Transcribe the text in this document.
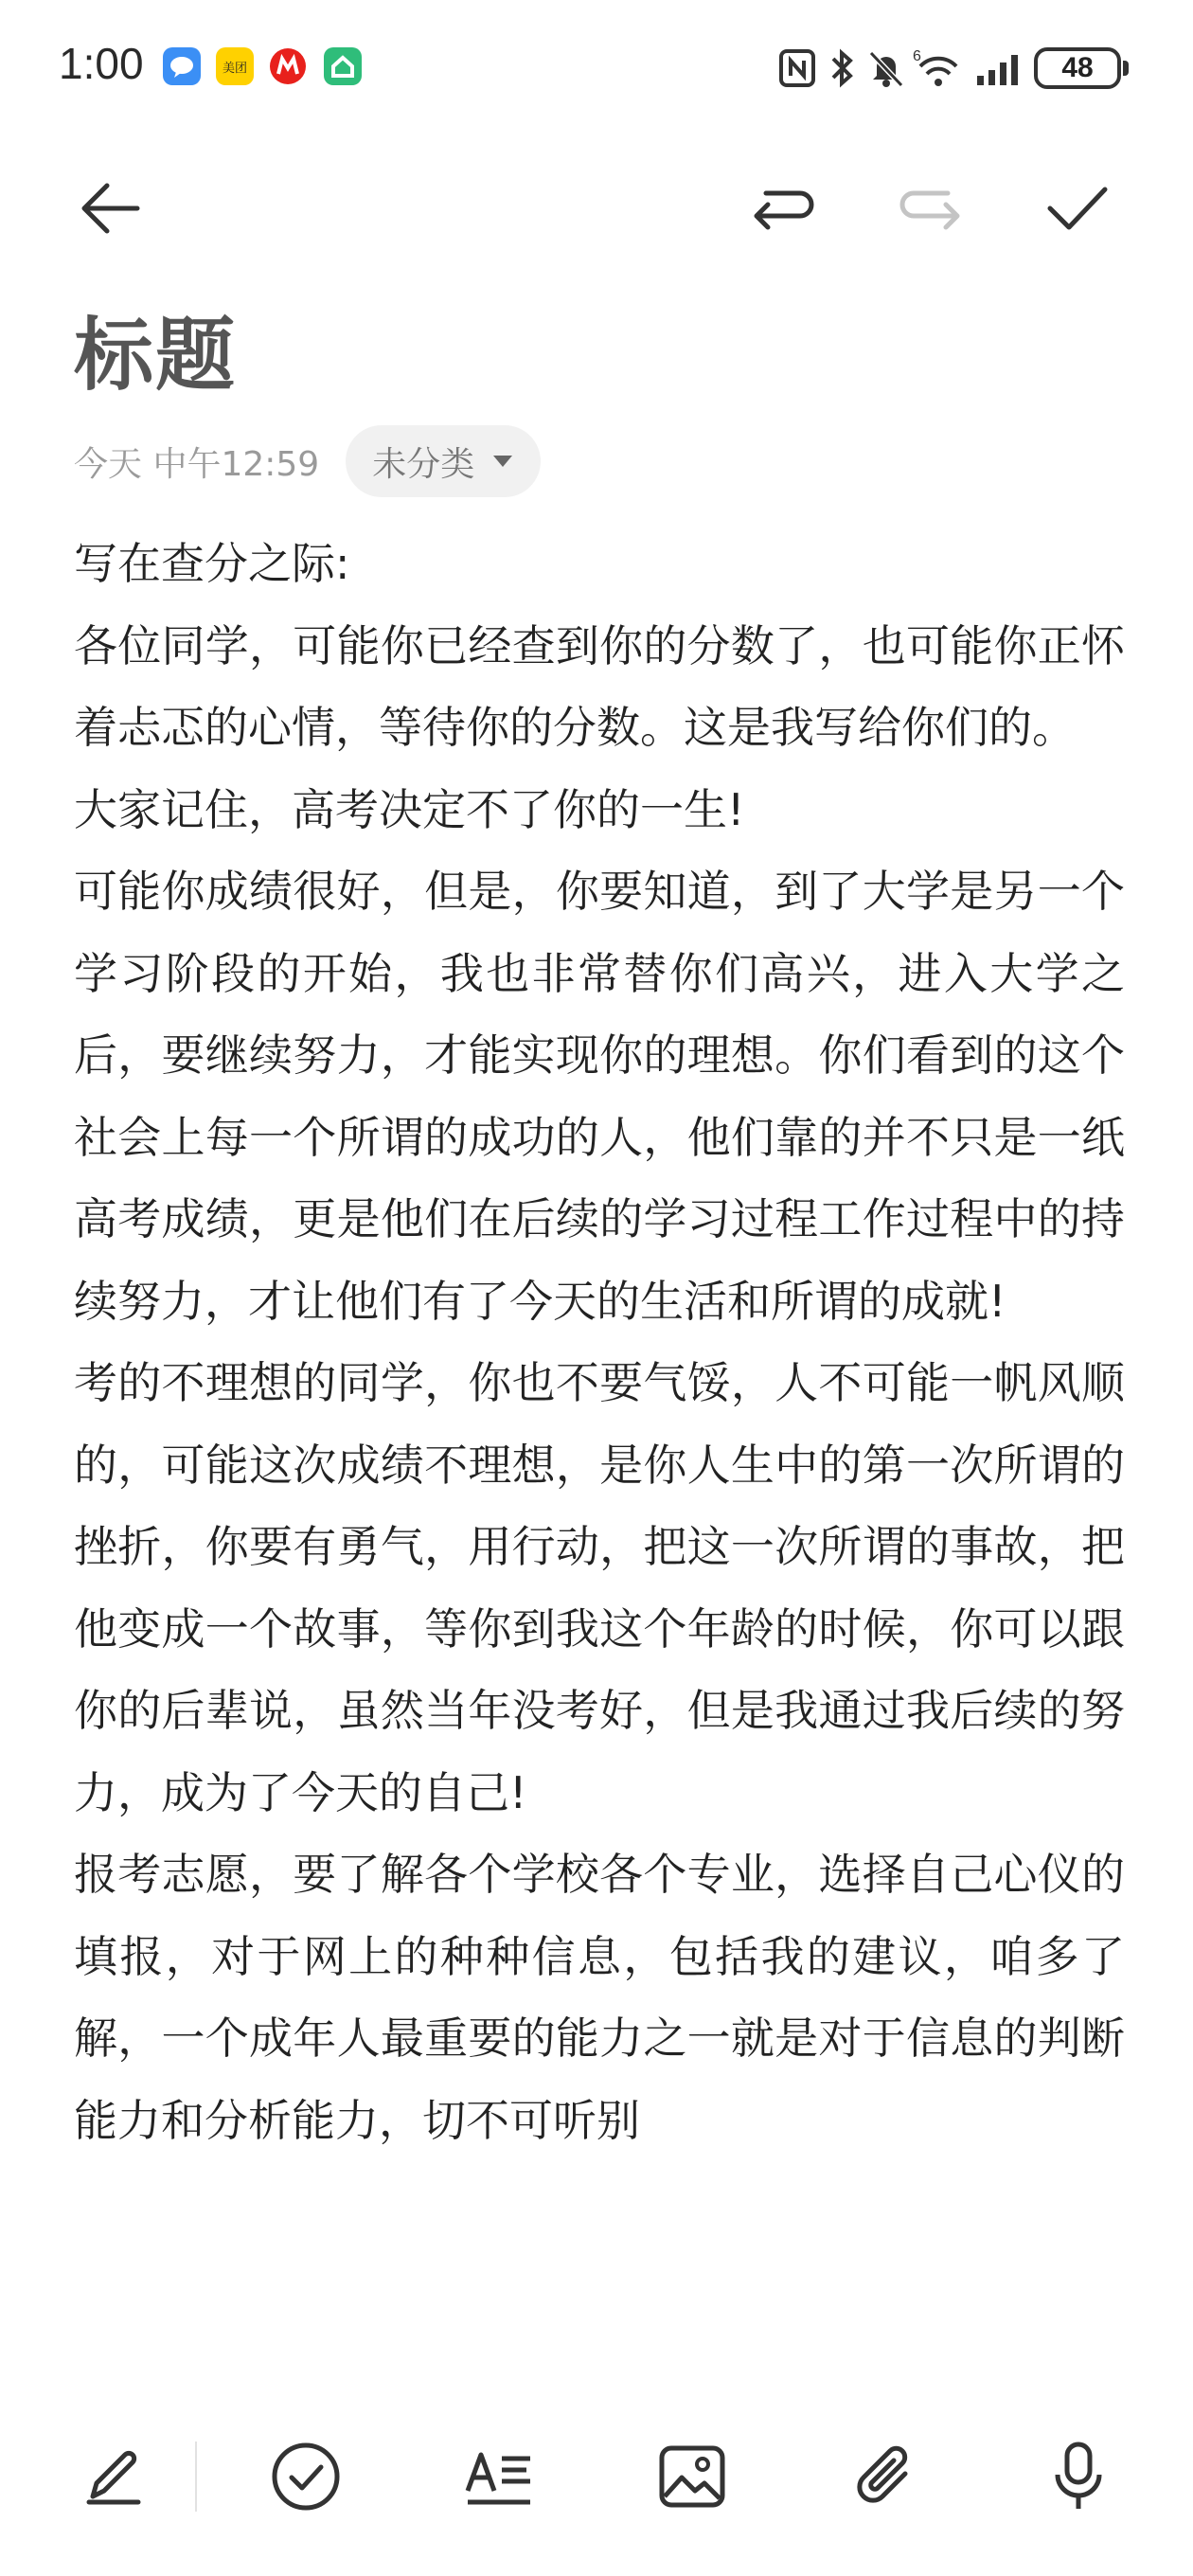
1:00	美团
6	48
标题
今天 中午12:59 未分类

写在查分之际:

各位同学，可能你已经查到你的分数了，也可能你正怀着忐忑的心情，等待你的分数。这是我写给你们的。

大家记住，高考决定不了你的一生!

可能你成绩很好，但是，你要知道，到了大学是另一个学习阶段的开始，我也非常替你们高兴，进入大学之后，要继续努力，才能实现你的理想。你们看到的这个社会上每一个所谓的成功的人，他们靠的并不只是一纸高考成绩，更是他们在后续的学习过程工作过程中的持续努力，才让他们有了今天的生活和所谓的成就!

考的不理想的同学，你也不要气馁，人不可能一帆风顺的，可能这次成绩不理想，是你人生中的第一次所谓的挫折，你要有勇气，用行动，把这一次所谓的事故，把他变成一个故事，等你到我这个年龄的时候，你可以跟你的后辈说，虽然当年没考好，但是我通过我后续的努力，成为了今天的自己!

报考志愿，要了解各个学校各个专业，选择自己心仪的填报，对于网上的种种信息，包括我的建议，咱多了解，一个成年人最重要的能力之一就是对于信息的判断能力和分析能力，切不可听别
